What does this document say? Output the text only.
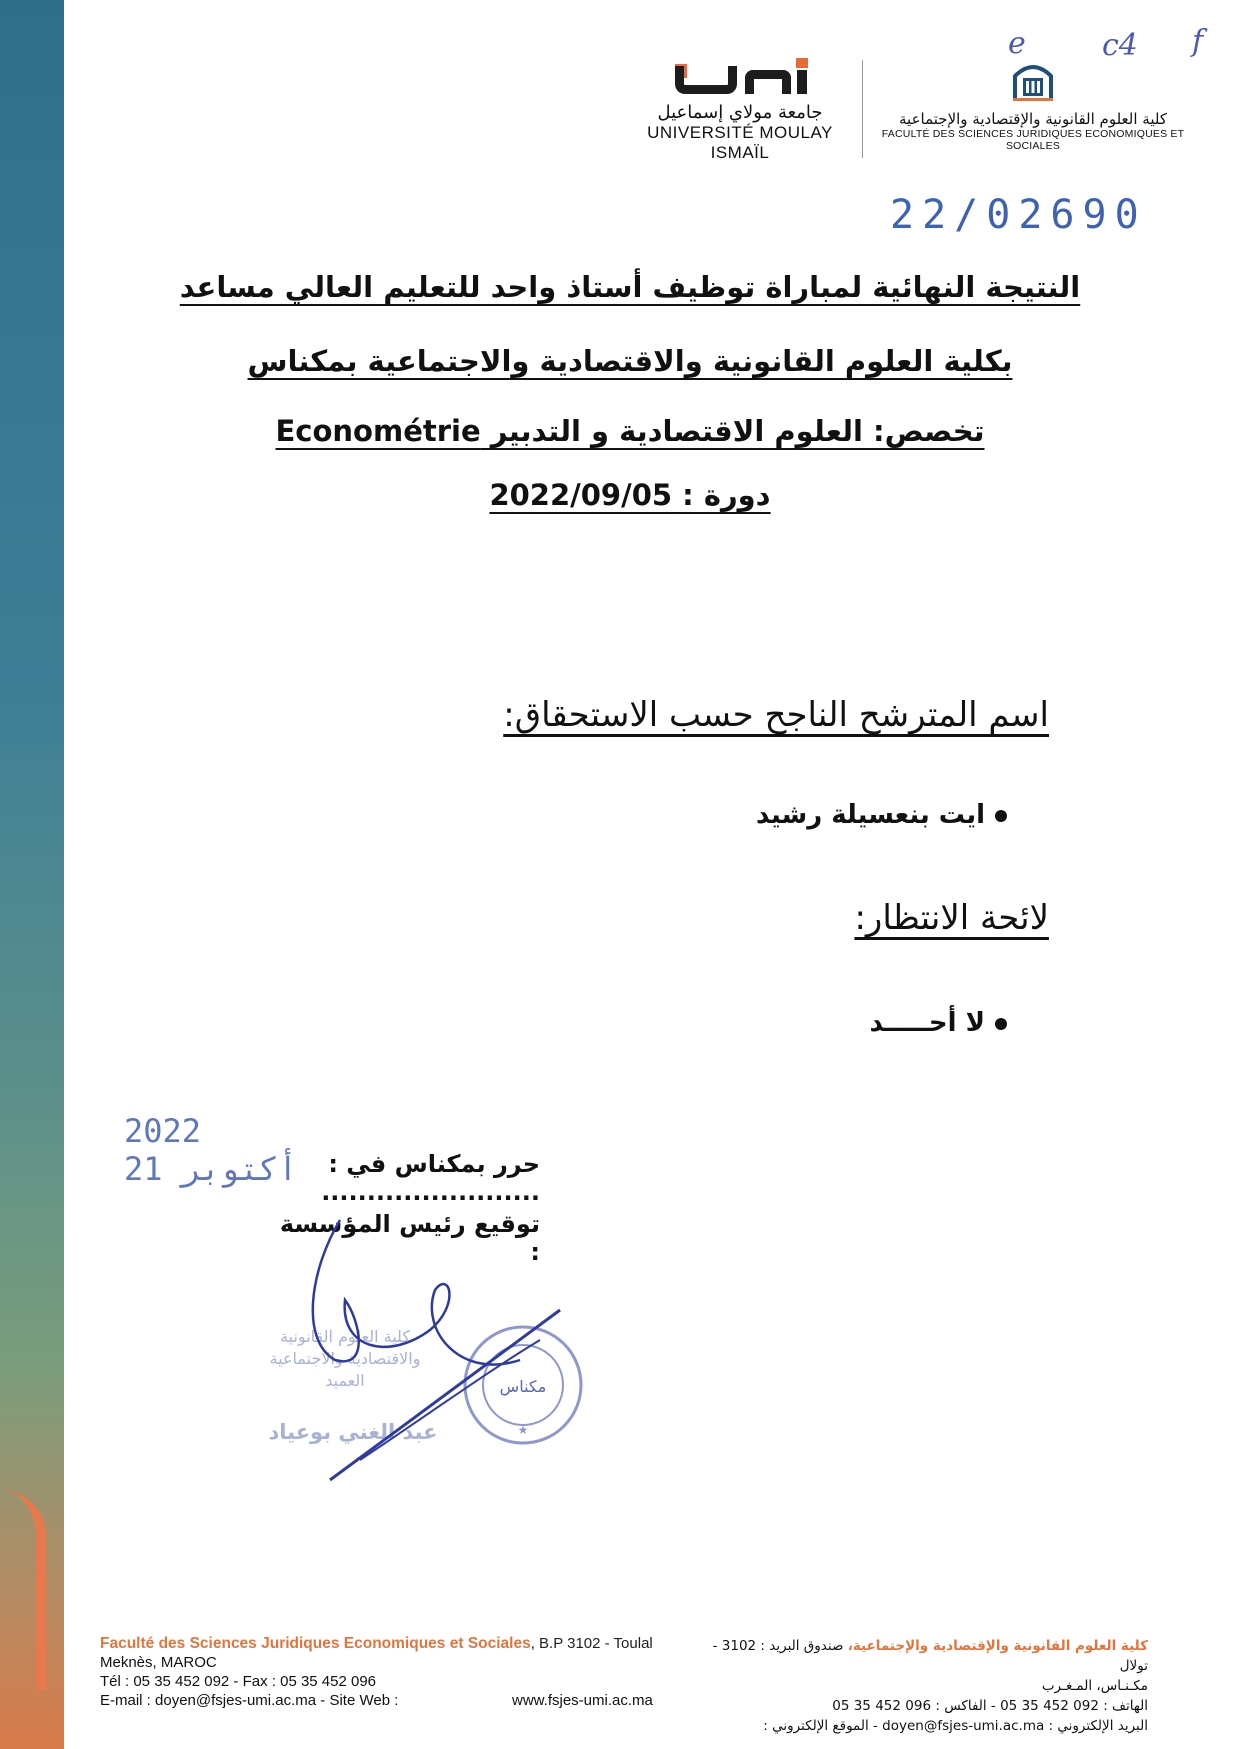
e	c4 f
جامعة مولاي إسماعيل
UNIVERSITÉ MOULAY ISMAÏL
كلية العلوم القانونية والإقتصادية والإجتماعية
FACULTÉ DES SCIENCES JURIDIQUES ECONOMIQUES ET SOCIALES
22/02690
النتيجة النهائية لمباراة توظيف أستاذ واحد للتعليم العالي مساعد
بكلية العلوم القانونية والاقتصادية والاجتماعية بمكناس
تخصص: العلوم الاقتصادية و التدبير Econométrie
دورة : 2022/09/05
اسم المترشح الناجح حسب الاستحقاق:
ايت بنعسيلة رشيد
لائحة الانتظار:
لا أحـــــد
2022 أكتوبر 21	حرر بمكناس في : ........................
توقيع رئيس المؤسسة :
كلية العلوم القانونية والاقتصادية والاجتماعية العميد
عبد الغني بوعياد
مكناس
★
Faculté des Sciences Juridiques Economiques et Sociales, B.P 3102 - Toulal
Meknès, MAROC
Tél : 05 35 452 092 - Fax : 05 35 452 096
E-mail : doyen@fsjes-umi.ac.ma - Site Web :	www.fsjes-umi.ac.ma
كلية العلوم القانونية والإقتصادية والإجتماعية، صندوق البريد : 3102 - تولال
مكـنـاس، المـغـرب
الهاتف : 092 452 35 05 - الفاكس : 096 452 35 05
البريد الإلكتروني : doyen@fsjes-umi.ac.ma - الموقع الإلكتروني :
